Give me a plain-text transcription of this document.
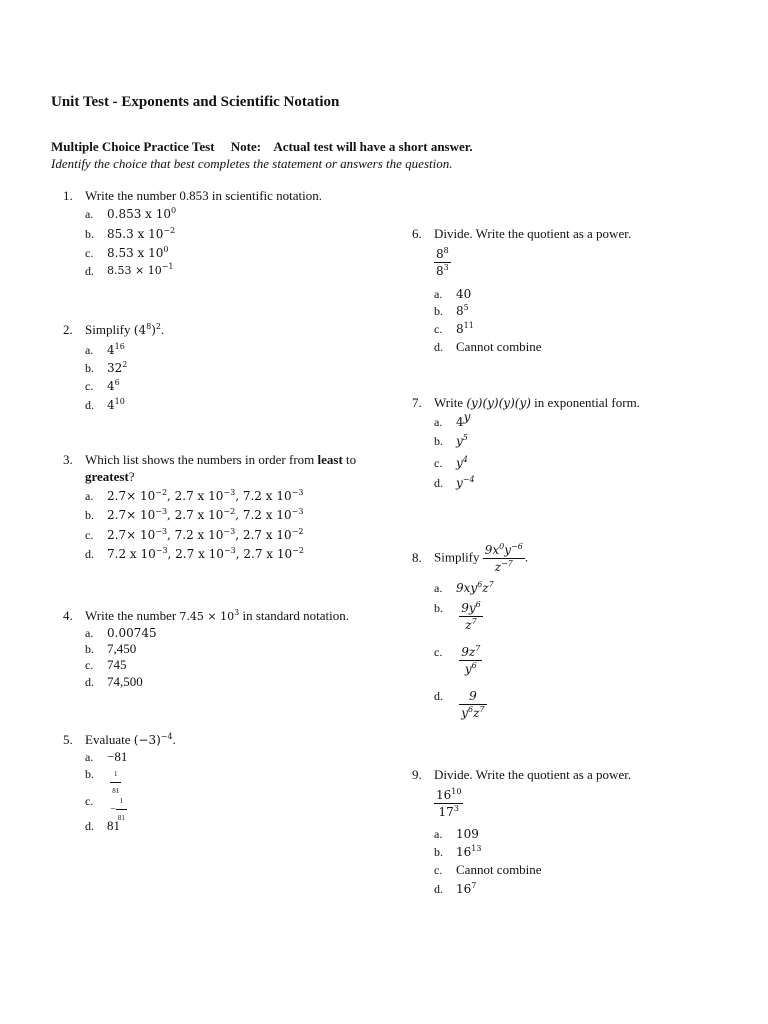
Unit Test - Exponents and Scientific Notation
Multiple Choice Practice Test     Note:    Actual test will have a short answer.
Identify the choice that best completes the statement or answers the question.
1. Write the number 0.853 in scientific notation.
a. 0.853 x $10^0$
b. 85.3 x $10^{-2}$
c. 8.53 x $10^0$
d. $8.53 \times 10^{-1}$
2. Simplify $(4^8)^2$.
a. $4^{16}$
b. $32^2$
c. $4^6$
d. $4^{10}$
3. Which list shows the numbers in order from least to
greatest?
a. $2.7\times 10^{-2}$, 2.7 x $10^{-3}$, 7.2 x $10^{-3}$
b. $2.7\times 10^{-3}$, 2.7 x $10^{-2}$, 7.2 x $10^{-3}$
c. $2.7\times 10^{-3}$, 7.2 x $10^{-3}$, 2.7 x $10^{-2}$
d. 7.2 x $10^{-3}$, 2.7 x $10^{-3}$, 2.7 x $10^{-2}$
4. Write the number $7.45 \times 10^3$ in standard notation.
a. 0.00745
b. 7,450
c. 745
d. 74,500
5. Evaluate $(-3)^{-4}$.
a. −81
b. $\frac{1}{81}$
c. − $\frac{1}{81}$
d. 81
6. Divide. Write the quotient as a power.
$\frac{8^8}{8^3}$
a. 40
b. $8^5$
c. $8^{11}$
d. Cannot combine
7. Write (y)(y)(y)(y) in exponential form.
a. 4$^y$
b. $y^5$
c. $y^4$
d. $y^{-4}$
8. Simplify $\frac{9x^0y^{-6}}{z^{-7}}$ .
a. $9xy^6z^7$
b. $\frac{9y^6}{z^7}$
c. $\frac{9z^7}{y^6}$
d. $\frac{9}{y^6z^7}$
9. Divide. Write the quotient as a power.
$\frac{16^{10}}{17^3}$
a. 109
b. $16^{13}$
c. Cannot combine
d. $16^7$
